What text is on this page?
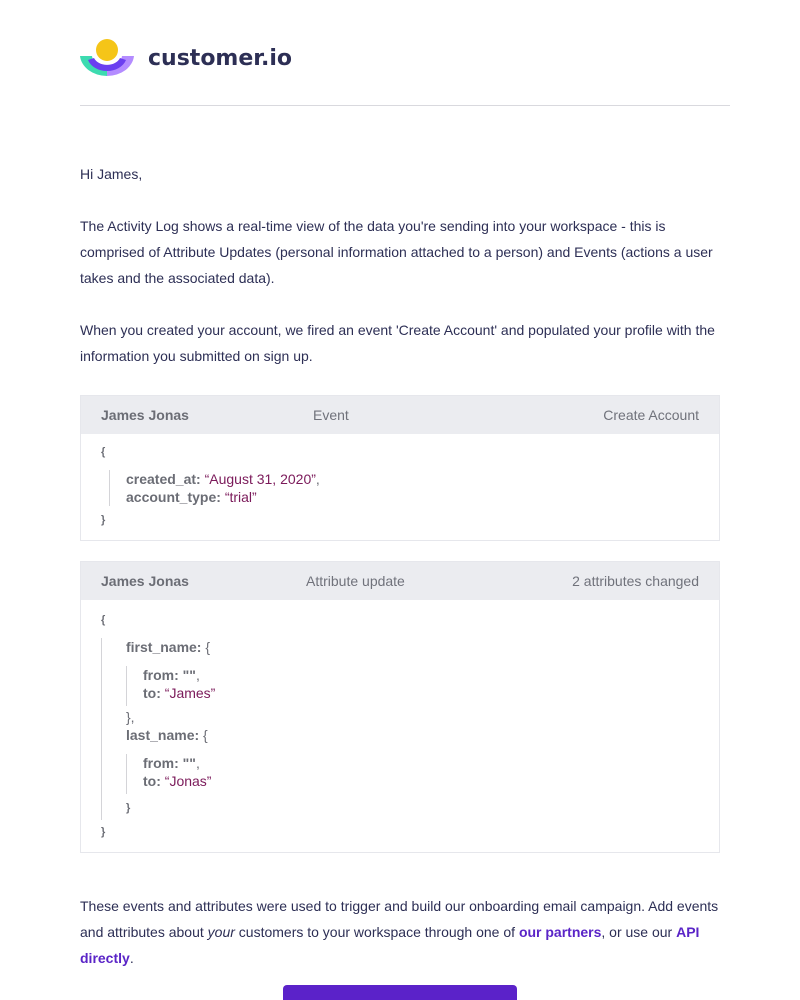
customer.io
Hi James,
The Activity Log shows a real-time view of the data you're sending into your workspace - this is comprised of Attribute Updates (personal information attached to a person) and Events (actions a user takes and the associated data).
When you created your account, we fired an event 'Create Account' and populated your profile with the information you submitted on sign up.
James Jonas	Event	Create Account
{
created_at: “August 31, 2020”,
account_type: “trial”
}
James Jonas	Attribute update	2 attributes changed
{
first_name: {
from: "",
to: “James”
},
last_name: {
from: "",
to: “Jonas”
}
}
These events and attributes were used to trigger and build our onboarding email campaign. Add events and attributes about your customers to your workspace through one of our partners, or use our API directly.
